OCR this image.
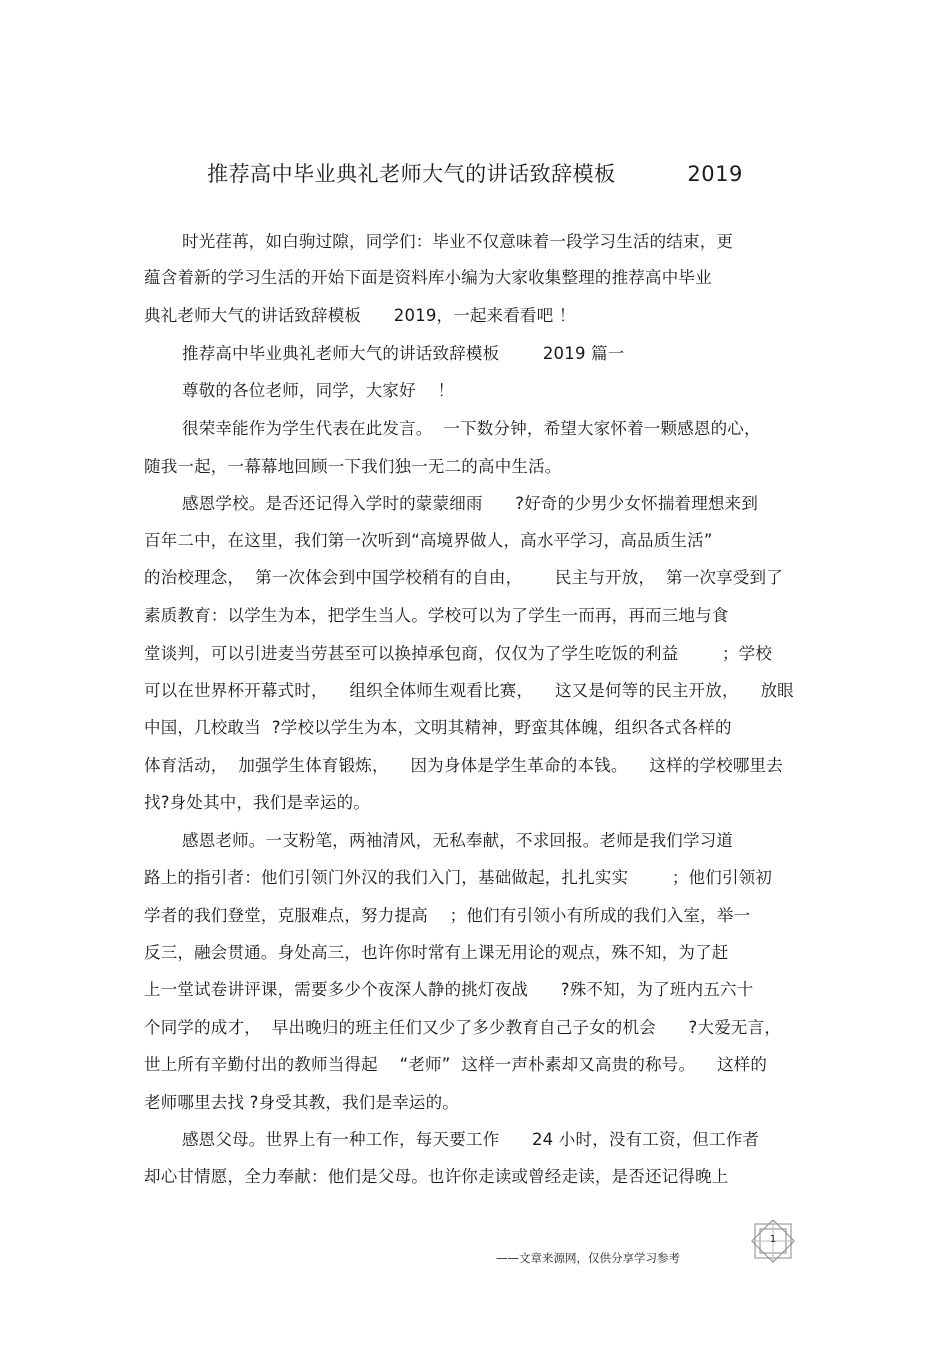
推荐高中毕业典礼老师大气的讲话致辞模板          2019
时光荏苒，如白驹过隙，同学们：毕业不仅意味着一段学习生活的结束，更
蕴含着新的学习生活的开始下面是资料库小编为大家收集整理的推荐高中毕业
典礼老师大气的讲话致辞模板      2019，一起来看看吧 ！
推荐高中毕业典礼老师大气的讲话致辞模板        2019 篇一
尊敬的各位老师，同学，大家好    ！
很荣幸能作为学生代表在此发言。  一下数分钟，希望大家怀着一颗感恩的心，
随我一起，一幕幕地回顾一下我们独一无二的高中生活。
感恩学校。是否还记得入学时的蒙蒙细雨      ?好奇的少男少女怀揣着理想来到
百年二中，在这里，我们第一次听到“高境界做人，高水平学习，高品质生活”
的治校理念，  第一次体会到中国学校稍有的自由，      民主与开放，  第一次享受到了
素质教育：以学生为本，把学生当人。学校可以为了学生一而再，再而三地与食
堂谈判，可以引进麦当劳甚至可以换掉承包商，仅仅为了学生吃饭的利益        ；学校
可以在世界杯开幕式时，    组织全体师生观看比赛，    这又是何等的民主开放，    放眼
中国，几校敢当  ?学校以学生为本，文明其精神，野蛮其体魄，组织各式各样的
体育活动，  加强学生体育锻炼，    因为身体是学生革命的本钱。    这样的学校哪里去
找?身处其中，我们是幸运的。
感恩老师。一支粉笔，两袖清风，无私奉献，不求回报。老师是我们学习道
路上的指引者：他们引领门外汉的我们入门，基础做起，扎扎实实        ；他们引领初
学者的我们登堂，克服难点，努力提高    ；他们有引领小有所成的我们入室，举一
反三，融会贯通。身处高三，也许你时常有上课无用论的观点，殊不知，为了赶
上一堂试卷讲评课，需要多少个夜深人静的挑灯夜战      ?殊不知，为了班内五六十
个同学的成才，  早出晚归的班主任们又少了多少教育自己子女的机会      ?大爱无言，
世上所有辛勤付出的教师当得起    “老师”  这样一声朴素却又高贵的称号。    这样的
老师哪里去找 ?身受其教，我们是幸运的。
感恩父母。世界上有一种工作，每天要工作      24 小时，没有工资，但工作者
却心甘情愿，全力奉献：他们是父母。也许你走读或曾经走读，是否还记得晚上
——文章来源网，仅供分享学习参考
1
